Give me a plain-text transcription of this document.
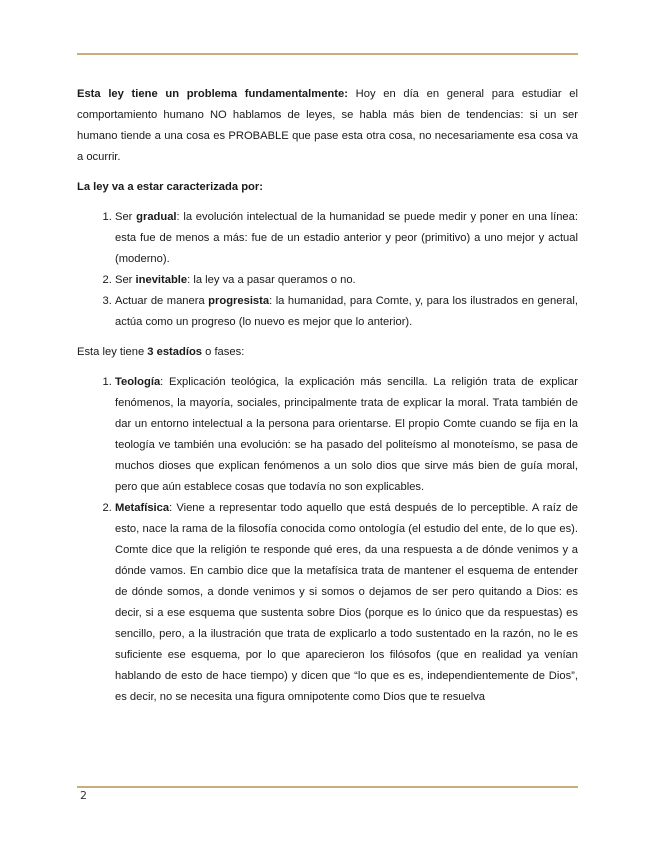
Esta ley tiene un problema fundamentalmente: Hoy en día en general para estudiar el comportamiento humano NO hablamos de leyes, se habla más bien de tendencias: si un ser humano tiende a una cosa es PROBABLE que pase esta otra cosa, no necesariamente esa cosa va a ocurrir.

La ley va a estar caracterizada por:

1. Ser gradual: la evolución intelectual de la humanidad se puede medir y poner en una línea: esta fue de menos a más: fue de un estadio anterior y peor (primitivo) a uno mejor y actual (moderno).
2. Ser inevitable: la ley va a pasar queramos o no.
3. Actuar de manera progresista: la humanidad, para Comte, y, para los ilustrados en general, actúa como un progreso (lo nuevo es mejor que lo anterior).

Esta ley tiene 3 estadíos o fases:

1. Teología: Explicación teológica, la explicación más sencilla. La religión trata de explicar fenómenos, la mayoría, sociales, principalmente trata de explicar la moral. Trata también de dar un entorno intelectual a la persona para orientarse. El propio Comte cuando se fija en la teología ve también una evolución: se ha pasado del politeísmo al monoteísmo, se pasa de muchos dioses que explican fenómenos a un solo dios que sirve más bien de guía moral, pero que aún establece cosas que todavía no son explicables.
2. Metafísica: Viene a representar todo aquello que está después de lo perceptible. A raíz de esto, nace la rama de la filosofía conocida como ontología (el estudio del ente, de lo que es). Comte dice que la religión te responde qué eres, da una respuesta a de dónde venimos y a dónde vamos. En cambio dice que la metafísica trata de mantener el esquema de entender de dónde somos, a donde venimos y si somos o dejamos de ser pero quitando a Dios: es decir, si a ese esquema que sustenta sobre Dios (porque es lo único que da respuestas) es sencillo, pero, a la ilustración que trata de explicarlo a todo sustentado en la razón, no le es suficiente ese esquema, por lo que aparecieron los filósofos (que en realidad ya venían hablando de esto de hace tiempo) y dicen que “lo que es es, independientemente de Dios”, es decir, no se necesita una figura omnipotente como Dios que te resuelva
2
